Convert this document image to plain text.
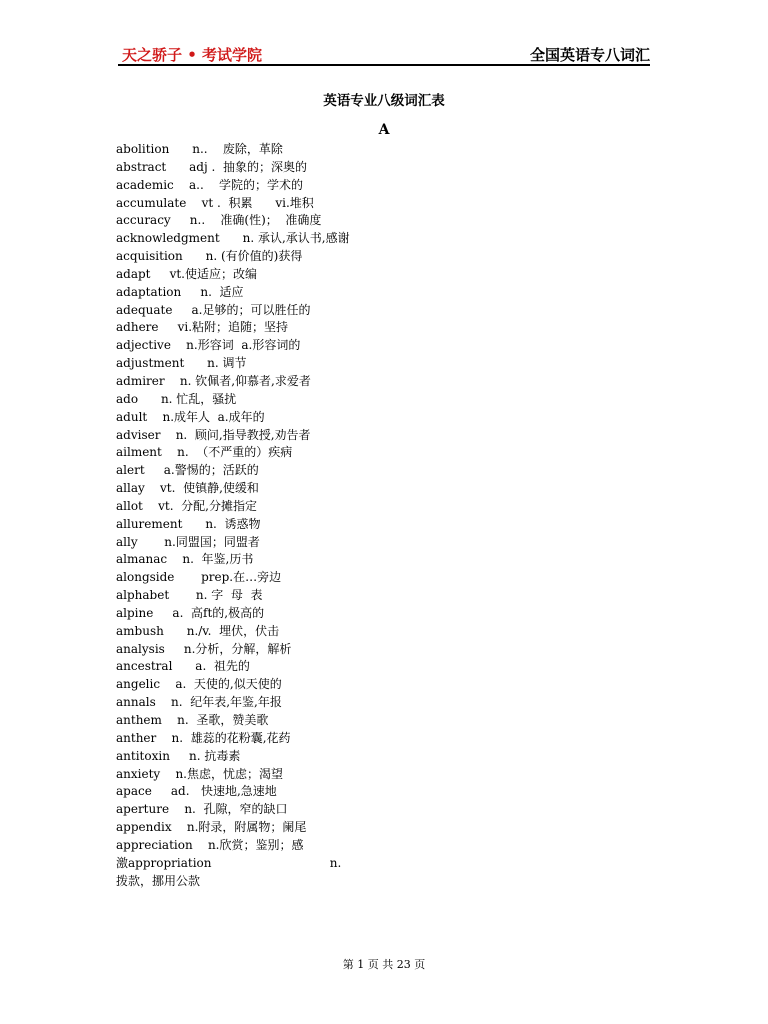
天之骄子 • 考试学院	全国英语专八词汇
英语专业八级词汇表
A
abolition      n..    废除，革除
abstract      adj .  抽象的；深奥的
academic    a..    学院的；学术的
accumulate    vt .  积累      vi.堆积
accuracy     n..    准确(性)；  准确度
acknowledgment      n. 承认,承认书,感谢
acquisition      n. (有价值的)获得
adapt     vt.使适应；改编
adaptation     n.  适应
adequate     a.足够的；可以胜任的
adhere     vi.粘附；追随；坚持
adjective    n.形容词  a.形容词的
adjustment      n. 调节
admirer    n. 钦佩者,仰慕者,求爱者
ado      n. 忙乱，骚扰
adult    n.成年人  a.成年的
adviser    n.  顾问,指导教授,劝告者
ailment    n.  （不严重的）疾病
alert     a.警惕的；活跃的
allay    vt.  使镇静,使缓和
allot    vt.  分配,分摊指定
allurement      n.  诱惑物
ally       n.同盟国；同盟者
almanac    n.  年鉴,历书
alongside       prep.在…旁边
alphabet       n. 字  母  表
alpine     a.  高ft的,极高的
ambush      n./v.  埋伏，伏击
analysis     n.分析，分解，解析
ancestral      a.  祖先的
angelic    a.  天使的,似天使的
annals    n.  纪年表,年鉴,年报
anthem    n.  圣歌，赞美歌
anther    n.  雄蕊的花粉囊,花药
antitoxin     n. 抗毒素
anxiety    n.焦虑，忧虑；渴望
apace     ad.   快速地,急速地
aperture    n.  孔隙，窄的缺口
appendix    n.附录，附属物；阑尾
appreciation    n.欣赏；鉴别；感
激appropriation                               n.
拨款，挪用公款
第 1 页 共 23 页
